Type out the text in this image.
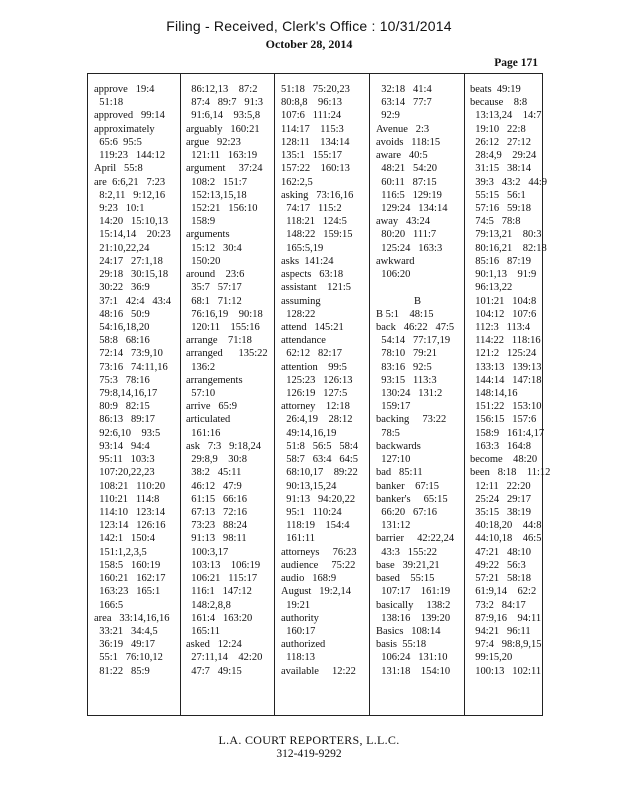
Filing - Received, Clerk's Office : 10/31/2014
October 28, 2014
Page 171
approve   19:4
51:18
approved   99:14
approximately
65:6  95:5
119:23   144:12
April   55:8
are  6:6,21   7:23
8:2,11   9:12,16
9:23   10:1
14:20   15:10,13
15:14,14    20:23
21:10,22,24
24:17   27:1,18
29:18   30:15,18
30:22   36:9
37:1   42:4   43:4
48:16   50:9
54:16,18,20
58:8   68:16
72:14   73:9,10
73:16   74:11,16
75:3   78:16
79:8,14,16,17
80:9   82:15
86:13   89:17
92:6,10    93:5
93:14   94:4
95:11   103:3
107:20,22,23
108:21   110:20
110:21   114:8
114:10   123:14
123:14   126:16
142:1   150:4
151:1,2,3,5
158:5   160:19
160:21   162:17
163:23   165:1
166:5
area   33:14,16,16
33:21   34:4,5
36:19   49:17
55:1   76:10,12
81:22   85:9
86:12,13    87:2
87:4   89:7   91:3
91:6,14    93:5,8
arguably   160:21
argue   92:23
121:11   163:19
argument     37:24
108:2   151:7
152:13,15,18
152:21   156:10
158:9
arguments
15:12   30:4
150:20
around    23:6
35:7   57:17
68:1   71:12
76:16,19    90:18
120:11    155:16
arrange    71:18
arranged      135:22
136:2
arrangements
57:10
arrive   65:9
articulated
161:16
ask   7:3   9:18,24
29:8,9    30:8
38:2   45:11
46:12   47:9
61:15   66:16
67:13   72:16
73:23   88:24
91:13   98:11
100:3,17
103:13    106:19
106:21   115:17
116:1   147:12
148:2,8,8
161:4   163:20
165:11
asked   12:24
27:11,14    42:20
47:7   49:15
51:18   75:20,23
80:8,8    96:13
107:6   111:24
114:17    115:3
128:11    134:14
135:1   155:17
157:22    160:13
162:2,5
asking   73:16,16
74:17   115:2
118:21   124:5
148:22   159:15
165:5,19
asks  141:24
aspects   63:18
assistant    121:5
assuming
128:22
attend   145:21
attendance
62:12   82:17
attention    99:5
125:23   126:13
126:19   127:5
attorney    12:18
26:4,19    28:12
49:14,16,19
51:8   56:5   58:4
58:7   63:4   64:5
68:10,17    89:22
90:13,15,24
91:13   94:20,22
95:1   110:24
118:19    154:4
161:11
attorneys     76:23
audience     75:22
audio   168:9
August   19:2,14
19:21
authority
160:17
authorized
118:13
available     12:22
32:18   41:4
63:14   77:7
92:9
Avenue   2:3
avoids   118:15
aware   40:5
48:21   54:20
60:11   87:15
116:5   129:19
129:24   134:14
away   43:24
80:20   111:7
125:24   163:3
awkward
106:20
B
B 5:1    48:15
back   46:22   47:5
54:14   77:17,19
78:10   79:21
83:16   92:5
93:15   113:3
130:24   131:2
159:17
backing     73:22
78:5
backwards
127:10
bad   85:11
banker    67:15
banker's     65:15
66:20   67:16
131:12
barrier     42:22,24
43:3   155:22
base   39:21,21
based    55:15
107:17    161:19
basically     138:2
138:16    139:20
Basics   108:14
basis  55:18
106:24   131:10
131:18    154:10
beats  49:19
because    8:8
13:13,24    14:7
19:10   22:8
26:12   27:12
28:4,9    29:24
31:15   38:14
39:3   43:2   44:9
55:15   56:1
57:16   59:18
74:5   78:8
79:13,21    80:3
80:16,21    82:18
85:16   87:19
90:1,13    91:9
96:13,22
101:21   104:8
104:12   107:6
112:3   113:4
114:22   118:16
121:2   125:24
133:13   139:13
144:14   147:18
148:14,16
151:22   153:10
156:15   157:6
158:9   161:4,17
163:3   164:8
become    48:20
been   8:18    11:12
12:11   22:20
25:24   29:17
35:15   38:19
40:18,20    44:8
44:10,18    46:5
47:21   48:10
49:22   56:3
57:21   58:18
61:9,14    62:2
73:2   84:17
87:9,16    94:11
94:21   96:11
97:4   98:8,9,15
99:15,20
100:13   102:11
L.A. COURT REPORTERS, L.L.C.
312-419-9292
